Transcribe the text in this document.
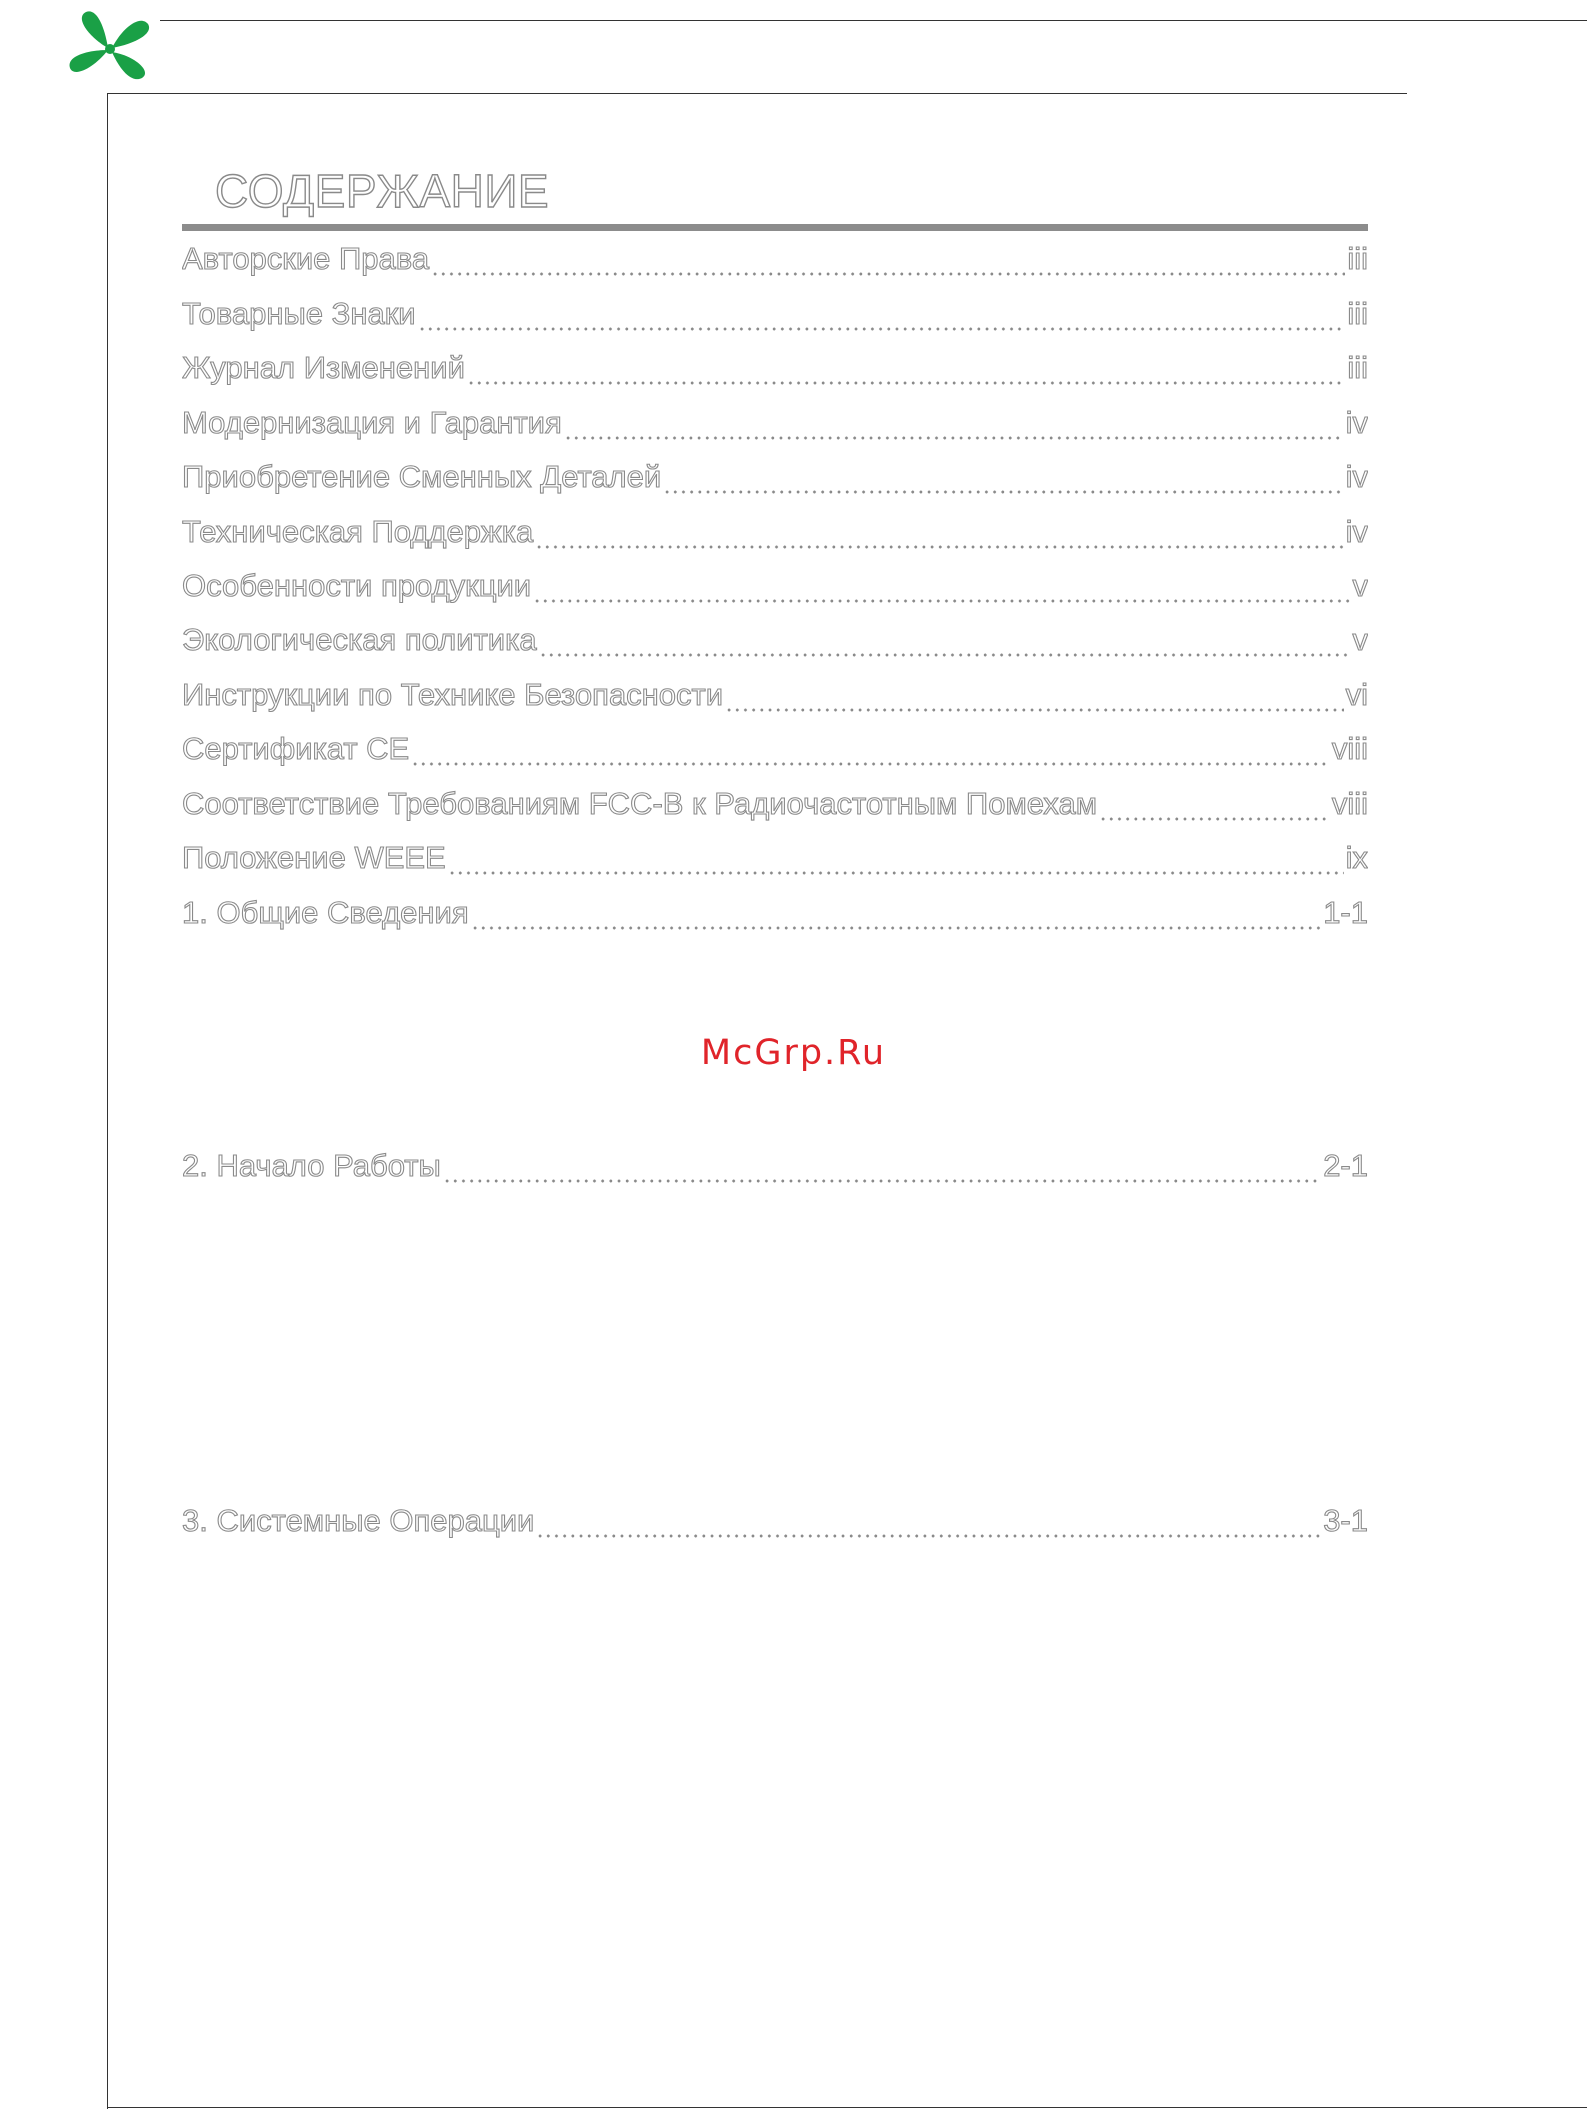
СОДЕРЖАНИЕ
Авторские Права	iii
Товарные Знаки	iii
Журнал Изменений	iii
Модернизация и Гарантия	iv
Приобретение Сменных Деталей	iv
Техническая Поддержка	iv
Особенности продукции	v
Экологическая политика	v
Инструкции по Технике Безопасности	vi
Сертификат CE	viii
Соответствие Требованиям FCC-B к Радиочастотным Помехам	viii
Положение WEEE	ix
1. Общие Сведения	1-1
McGrp.Ru
2. Начало Работы	2-1
3. Системные Операции	3-1
